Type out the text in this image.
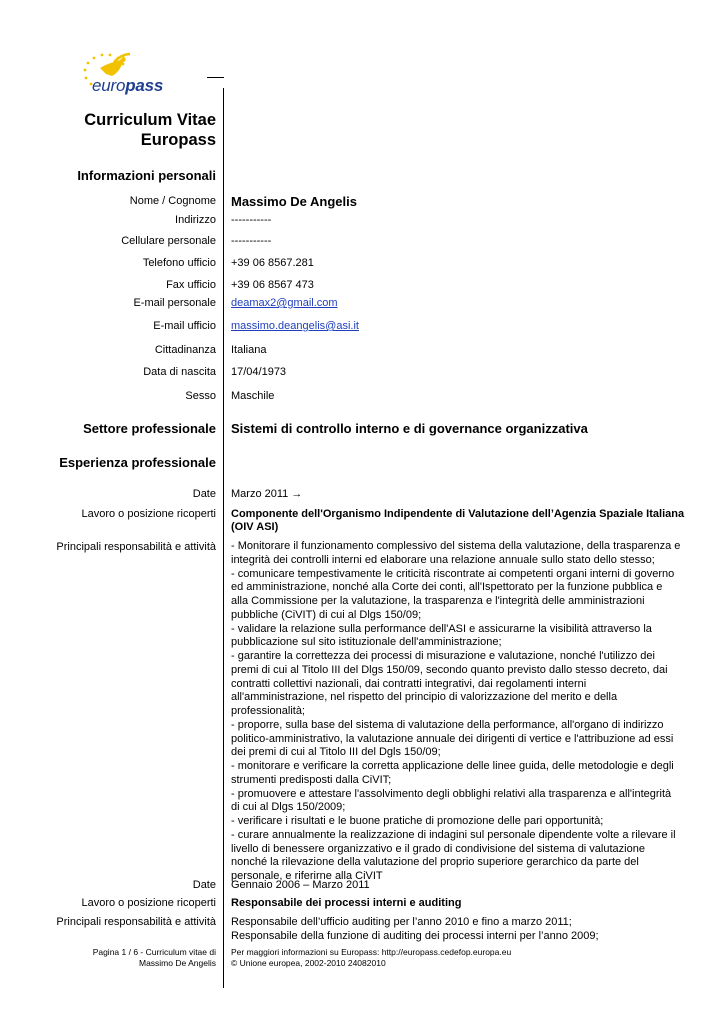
europass
Curriculum Vitae
Europass
Informazioni personali
Nome / Cognome Massimo De Angelis
Indirizzo -----------
Cellulare personale -----------
Telefono ufficio +39 06 8567.281
Fax ufficio +39 06 8567 473
E-mail personale deamax2@gmail.com
E-mail ufficio massimo.deangelis@asi.it
Cittadinanza Italiana
Data di nascita 17/04/1973
Sesso Maschile
Settore professionale Sistemi di controllo interno e di governance organizzativa
Esperienza professionale
Date Marzo 2011 →
Lavoro o posizione ricoperti Componente dell'Organismo Indipendente di Valutazione dell’Agenzia Spaziale Italiana
(OIV ASI)
Principali responsabilità e attività - Monitorare il funzionamento complessivo del sistema della valutazione, della trasparenza e integrità dei controlli interni ed elaborare una relazione annuale sullo stato dello stesso;
- comunicare tempestivamente le criticità riscontrate ai competenti organi interni di governo ed amministrazione, nonché alla Corte dei conti, all'Ispettorato per la funzione pubblica e alla Commissione per la valutazione, la trasparenza e l'integrità delle amministrazioni pubbliche (CiVIT) di cui al Dlgs 150/09;
- validare la relazione sulla performance dell'ASI e assicurarne la visibilità attraverso la pubblicazione sul sito istituzionale dell'amministrazione;
- garantire la correttezza dei processi di misurazione e valutazione, nonché l'utilizzo dei premi di cui al Titolo III del Dlgs 150/09, secondo quanto previsto dallo stesso decreto, dai contratti collettivi nazionali, dai contratti integrativi, dai regolamenti interni all'amministrazione, nel rispetto del principio di valorizzazione del merito e della professionalità;
- proporre, sulla base del sistema di valutazione della performance, all'organo di indirizzo politico-amministrativo, la valutazione annuale dei dirigenti di vertice e l'attribuzione ad essi dei premi di cui al Titolo III del Dgls 150/09;
- monitorare e verificare la corretta applicazione delle linee guida, delle metodologie e degli strumenti predisposti dalla CiVIT;
- promuovere e attestare l'assolvimento degli obblighi relativi alla trasparenza e all'integrità di cui al Dlgs 150/2009;
- verificare i risultati e le buone pratiche di promozione delle pari opportunità;
- curare annualmente la realizzazione di indagini sul personale dipendente volte a rilevare il livello di benessere organizzativo e il grado di condivisione del sistema di valutazione nonché la rilevazione della valutazione del proprio superiore gerarchico da parte del personale, e riferirne alla CiVIT
Date Gennaio 2006 – Marzo 2011
Lavoro o posizione ricoperti Responsabile dei processi interni e auditing
Principali responsabilità e attività Responsabile dell’ufficio auditing per l’anno 2010 e fino a marzo 2011;
Responsabile della funzione di auditing dei processi interni per l’anno 2009;
Pagina 1 / 6 - Curriculum vitae di
Massimo De Angelis
Per maggiori informazioni su Europass: http://europass.cedefop.europa.eu
© Unione europea, 2002-2010 24082010
